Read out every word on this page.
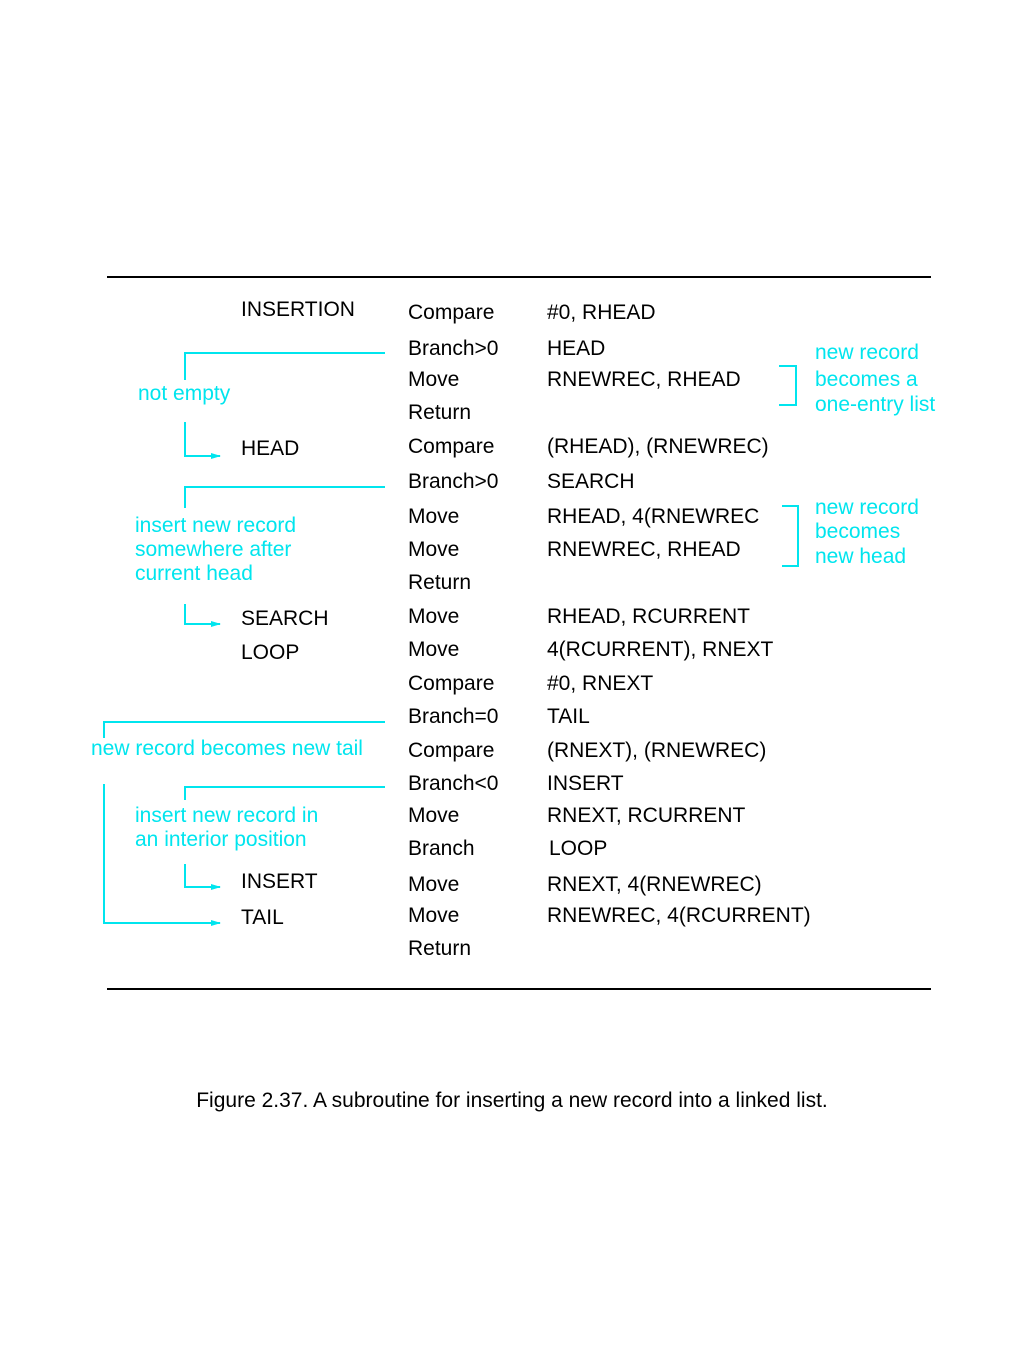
INSERTION	Compare	#0, RHEAD
Branch>0 HEAD
Move	RNEWREC, RHEAD
Return
HEAD	Compare	(RHEAD), (RNEWREC)
Branch>0 SEARCH
Move	RHEAD, 4(RNEWREC
Move	RNEWREC, RHEAD
Return
SEARCH	Move	RHEAD, RCURRENT
LOOP	Move	4(RCURRENT), RNEXT
Compare	#0, RNEXT
Branch=0 TAIL
Compare	(RNEXT), (RNEWREC)
Branch<0 INSERT
Move	RNEXT, RCURRENT
Branch	LOOP
INSERT	Move	RNEXT, 4(RNEWREC)
TAIL	Move	RNEWREC, 4(RCURRENT)
Return
not empty
insert new record
somewhere after
current head
new record becomes new tail
insert new record in
an interior position
new record
becomes a
one-entry list
new record
becomes
new head
Figure 2.37. A subroutine for inserting a new record into a linked list.
